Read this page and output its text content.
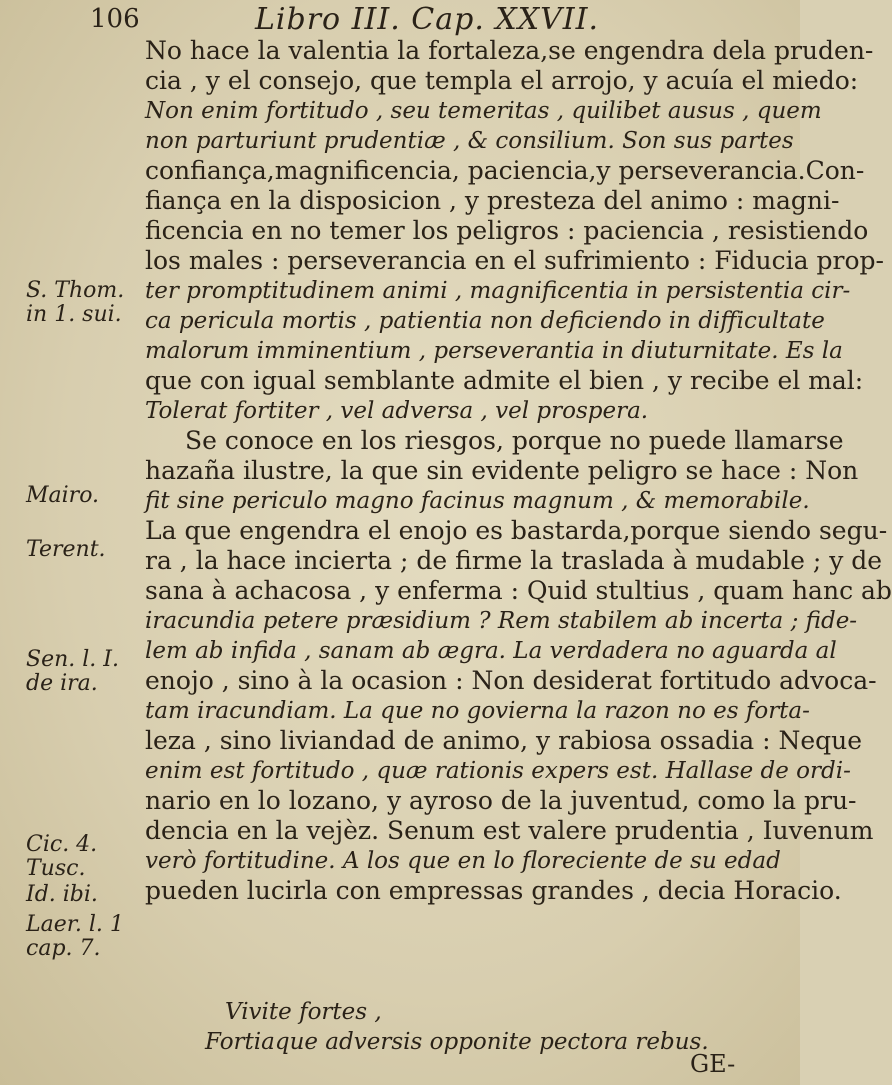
106	Libro III. Cap. XXVII.
S. Thom.
in 1. sui.
Mairo.
Terent.
Sen. l. I.
de ira.
Cic. 4.
Tusc.
Id. ibi.
Laer. l. 1
cap. 7.
No hace la valentia la fortaleza,se engendra dela pruden-
cia , y el consejo, que templa el arrojo, y acuía el miedo:
Non enim fortitudo , seu temeritas , quilibet ausus , quem
non parturiunt prudentiæ , & consilium. Son sus partes
confiança,magnificencia, paciencia,y perseverancia.Con-
fiança en la disposicion , y presteza del animo : magni-
ficencia en no temer los peligros : paciencia , resistiendo
los males : perseverancia en el sufrimiento : Fiducia prop-
ter promptitudinem animi , magnificentia in persistentia cir-
ca pericula mortis , patientia non deficiendo in difficultate
malorum imminentium , perseverantia in diuturnitate. Es la
que con igual semblante admite el bien , y recibe el mal:
Tolerat fortiter , vel adversa , vel prospera.
Se conoce en los riesgos, porque no puede llamarse
hazaña ilustre, la que sin evidente peligro se hace : Non
fit sine periculo magno facinus magnum , & memorabile.
La que engendra el enojo es bastarda,porque siendo segu-
ra , la hace incierta ; de firme la traslada à mudable ; y de
sana à achacosa , y enferma : Quid stultius , quam hanc ab
iracundia petere præsidium ? Rem stabilem ab incerta ; fide-
lem ab infida , sanam ab ægra. La verdadera no aguarda al
enojo , sino à la ocasion : Non desiderat fortitudo advoca-
tam iracundiam. La que no govierna la razon no es forta-
leza , sino liviandad de animo, y rabiosa ossadia : Neque
enim est fortitudo , quæ rationis expers est. Hallase de ordi-
nario en lo lozano, y ayroso de la juventud, como la pru-
dencia en la vejèz. Senum est valere prudentia , Iuvenum
verò fortitudine. A los que en lo floreciente de su edad
pueden lucirla con empressas grandes , decia Horacio.
Vivite fortes ,
Fortiaque adversis opponite pectora rebus.
GE-
